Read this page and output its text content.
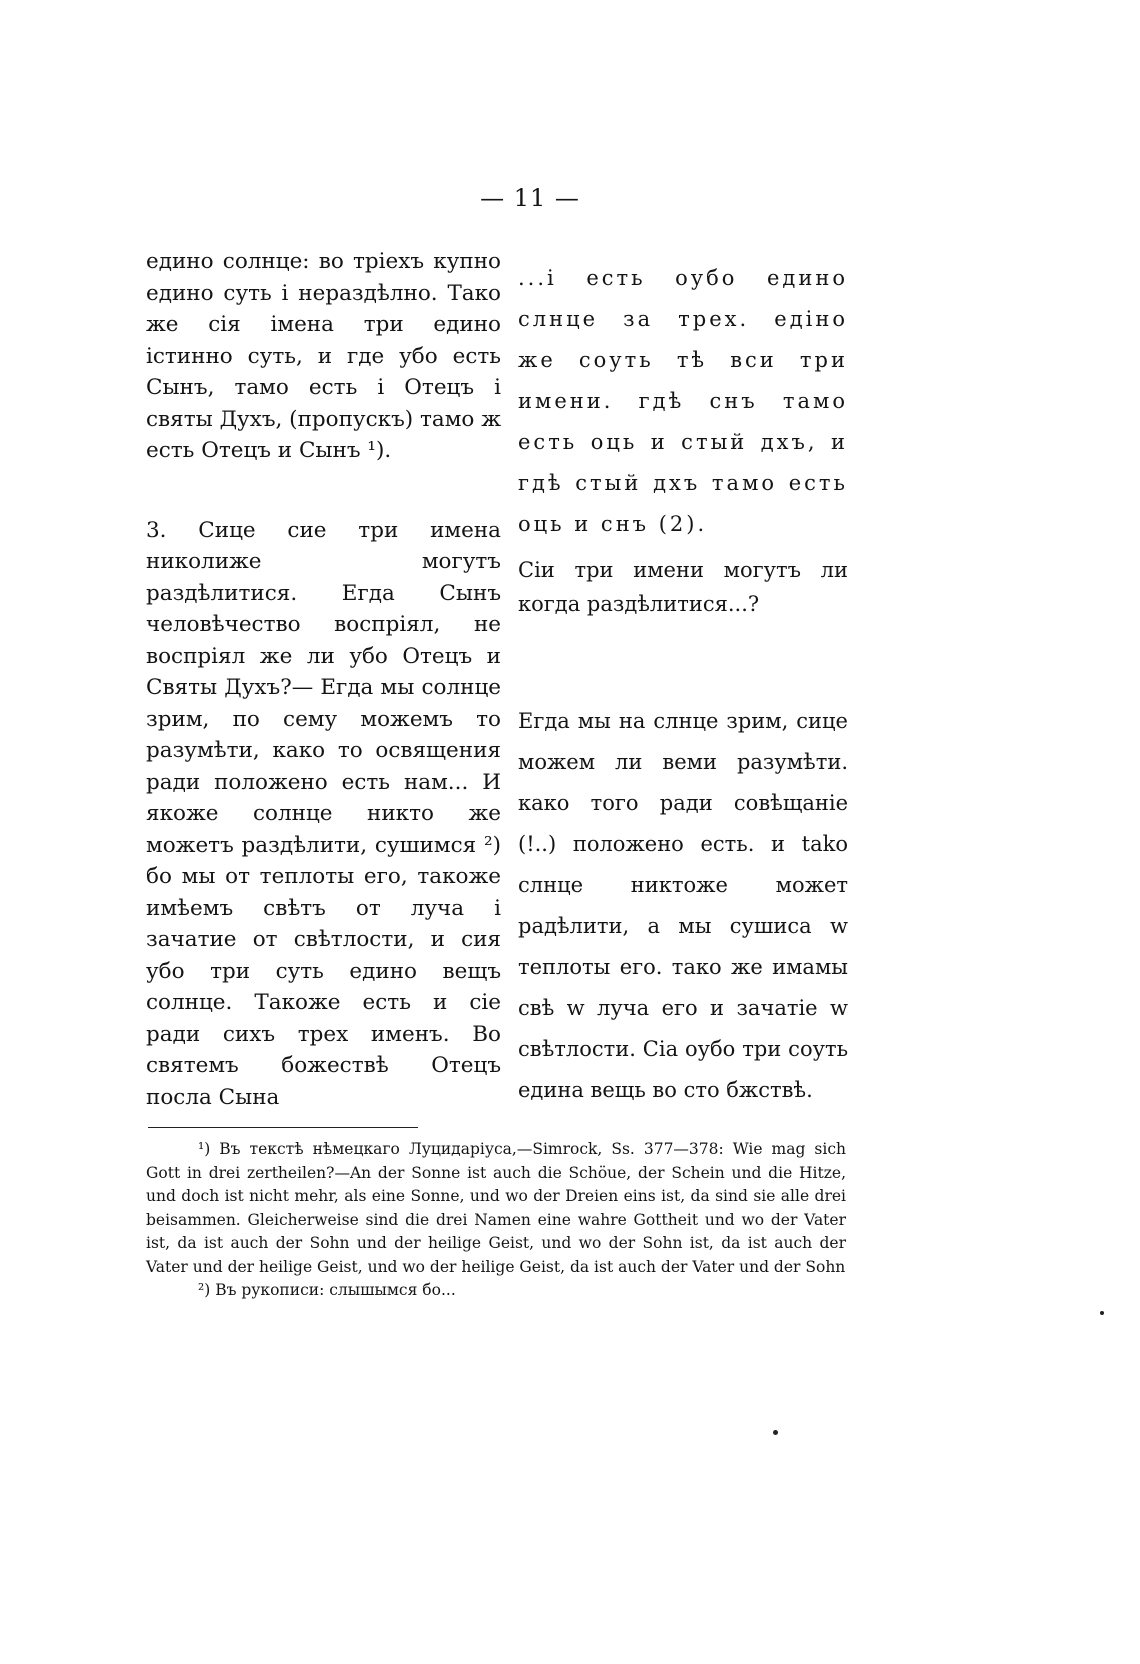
— 11 —

едино солнце: во тріехъ купно едино суть і нераздѣлно. Тако же сія імена три едино істинно суть, и где убо есть Сынъ, тамо есть і Отецъ і святы Духъ, (пропускъ) тамо ж есть Отецъ и Сынъ ¹).

3. Сице сие три имена николиже могутъ раздѣлитися. Егда Сынъ человѣчество воспріял, не воспріял же ли убо Отецъ и Святы Духъ?— Егда мы солнце зрим, по сему можемъ то разумѣти, како то освящения ради положено есть нам... И якоже солнце никто же можетъ раздѣлити, сушимся ²) бо мы от теплоты его, такоже имѣемъ свѣтъ от луча і зачатие от свѣтлости, и сия убо три суть едино вещъ солнце. Такоже есть и сіе ради сихъ трех именъ. Во святемъ божествѣ Отецъ посла Сына

...і есть оубо едино слнце за трех. едіно же соуть тѣ вси три имени. гдѣ снъ тамо есть оць и стый дхъ, и гдѣ стый дхъ тамо есть оць и снъ (2).

Сіи три имени могутъ ли когда раздѣлитися...?

Егда мы на слнце зрим, сице можем ли веми разумѣти. како того ради совѣщаніе (!..) положено есть. и tako слнце никтоже может радѣлити, а мы сушиса w теплоты его. тако же имамы свѣ w луча его и зачатіе w свѣтлости. Сіа оубо три соуть едина вещь во сто бжствѣ.

¹) Въ текстѣ нѣмецкаго Луцидаріуса,—Simrock, Ss. 377—378: Wie mag sich Gott in drei zertheilen?—An der Sonne ist auch die Schöue, der Schein und die Hitze, und doch ist nicht mehr, als eine Sonne, und wo der Dreien eins ist, da sind sie alle drei beisammen. Gleicherweise sind die drei Namen eine wahre Gottheit und wo der Vater ist, da ist auch der Sohn und der heilige Geist, und wo der Sohn ist, da ist auch der Vater und der heilige Geist, und wo der heilige Geist, da ist auch der Vater und der Sohn

²) Въ рукописи: слышымся бо...
